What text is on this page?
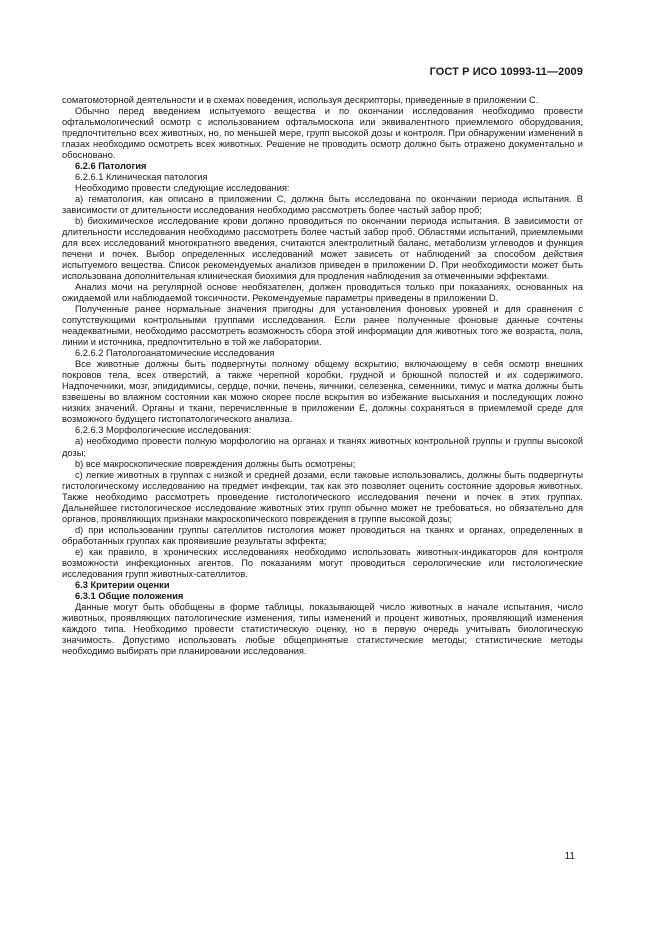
ГОСТ Р ИСО 10993-11—2009

соматомоторной деятельности и в схемах поведения, используя дескрипторы, приведенные в приложении С.

Обычно перед введением испытуемого вещества и по окончании исследования необходимо провести офтальмологический осмотр с использованием офтальмоскопа или эквивалентного приемлемого оборудования, предпочтительно всех животных, но, по меньшей мере, групп высокой дозы и контроля. При обнаружении изменений в глазах необходимо осмотреть всех животных. Решение не проводить осмотр должно быть отражено документально и обосновано.

6.2.6 Патология

6.2.6.1 Клиническая патология

Необходимо провести следующие исследования:

а) гематология, как описано в приложении С, должна быть исследована по окончании периода испытания. В зависимости от длительности исследования необходимо рассмотреть более частый забор проб;

b) биохимическое исследование крови должно проводиться по окончании периода испытания. В зависимости от длительности исследования необходимо рассмотреть более частый забор проб. Областями испытаний, приемлемыми для всех исследований многократного введения, считаются электролитный баланс, метаболизм углеводов и функция печени и почек. Выбор определенных исследований может зависеть от наблюдений за способом действия испытуемого вещества. Список рекомендуемых анализов приведен в приложении D. При необходимости может быть использована дополнительная клиническая биохимия для продления наблюдения за отмеченными эффектами.

Анализ мочи на регулярной основе необязателен, должен проводиться только при показаниях, основанных на ожидаемой или наблюдаемой токсичности. Рекомендуемые параметры приведены в приложении D.

Полученные ранее нормальные значения пригодны для установления фоновых уровней и для сравнения с сопутствующими контрольными группами исследования. Если ранее полученные фоновые данные сочтены неадекватными, необходимо рассмотреть возможность сбора этой информации для животных того же возраста, пола, линии и источника, предпочтительно в той же лаборатории.

6.2.6.2 Патологоанатомические исследования

Все животные должны быть подвергнуты полному общему вскрытию, включающему в себя осмотр внешних покровов тела, всех отверстий, а также черепной коробки, грудной и брюшной полостей и их содержимого. Надпочечники, мозг, эпидидимисы, сердце, почки, печень, яичники, селезенка, семенники, тимус и матка должны быть взвешены во влажном состоянии как можно скорее после вскрытия во избежание высыхания и последующих ложно низких значений. Органы и ткани, перечисленные в приложении Е, должны сохраняться в приемлемой среде для возможного будущего гистопатологического анализа.

6.2.6.3 Морфологические исследования:

а) необходимо провести полную морфологию на органах и тканях животных контрольной группы и группы высокой дозы;

b) все макроскопические повреждения должны быть осмотрены;

с) легкие животных в группах с низкой и средней дозами, если таковые использовались, должны быть подвергнуты гистологическому исследованию на предмет инфекции, так как это позволяет оценить состояние здоровья животных. Также необходимо рассмотреть проведение гистологического исследования печени и почек в этих группах. Дальнейшее гистологическое исследование животных этих групп обычно может не требоваться, но обязательно для органов, проявляющих признаки макроскопического повреждения в группе высокой дозы;

d) при использовании группы сателлитов гистология может проводиться на тканях и органах, определенных в обработанных группах как проявившие результаты эффекта;

е) как правило, в хронических исследованиях необходимо использовать животных-индикаторов для контроля возможности инфекционных агентов. По показаниям могут проводиться серологические или гистологические исследования групп животных-сателлитов.

6.3 Критерии оценки

6.3.1 Общие положения

Данные могут быть обобщены в форме таблицы, показывающей число животных в начале испытания, число животных, проявляющих патологические изменения, типы изменений и процент животных, проявляющий изменения каждого типа. Необходимо провести статистическую оценку, но в первую очередь учитывать биологическую значимость. Допустимо использовать любые общепринятые статистические методы; статистические методы необходимо выбирать при планировании исследования.

11
